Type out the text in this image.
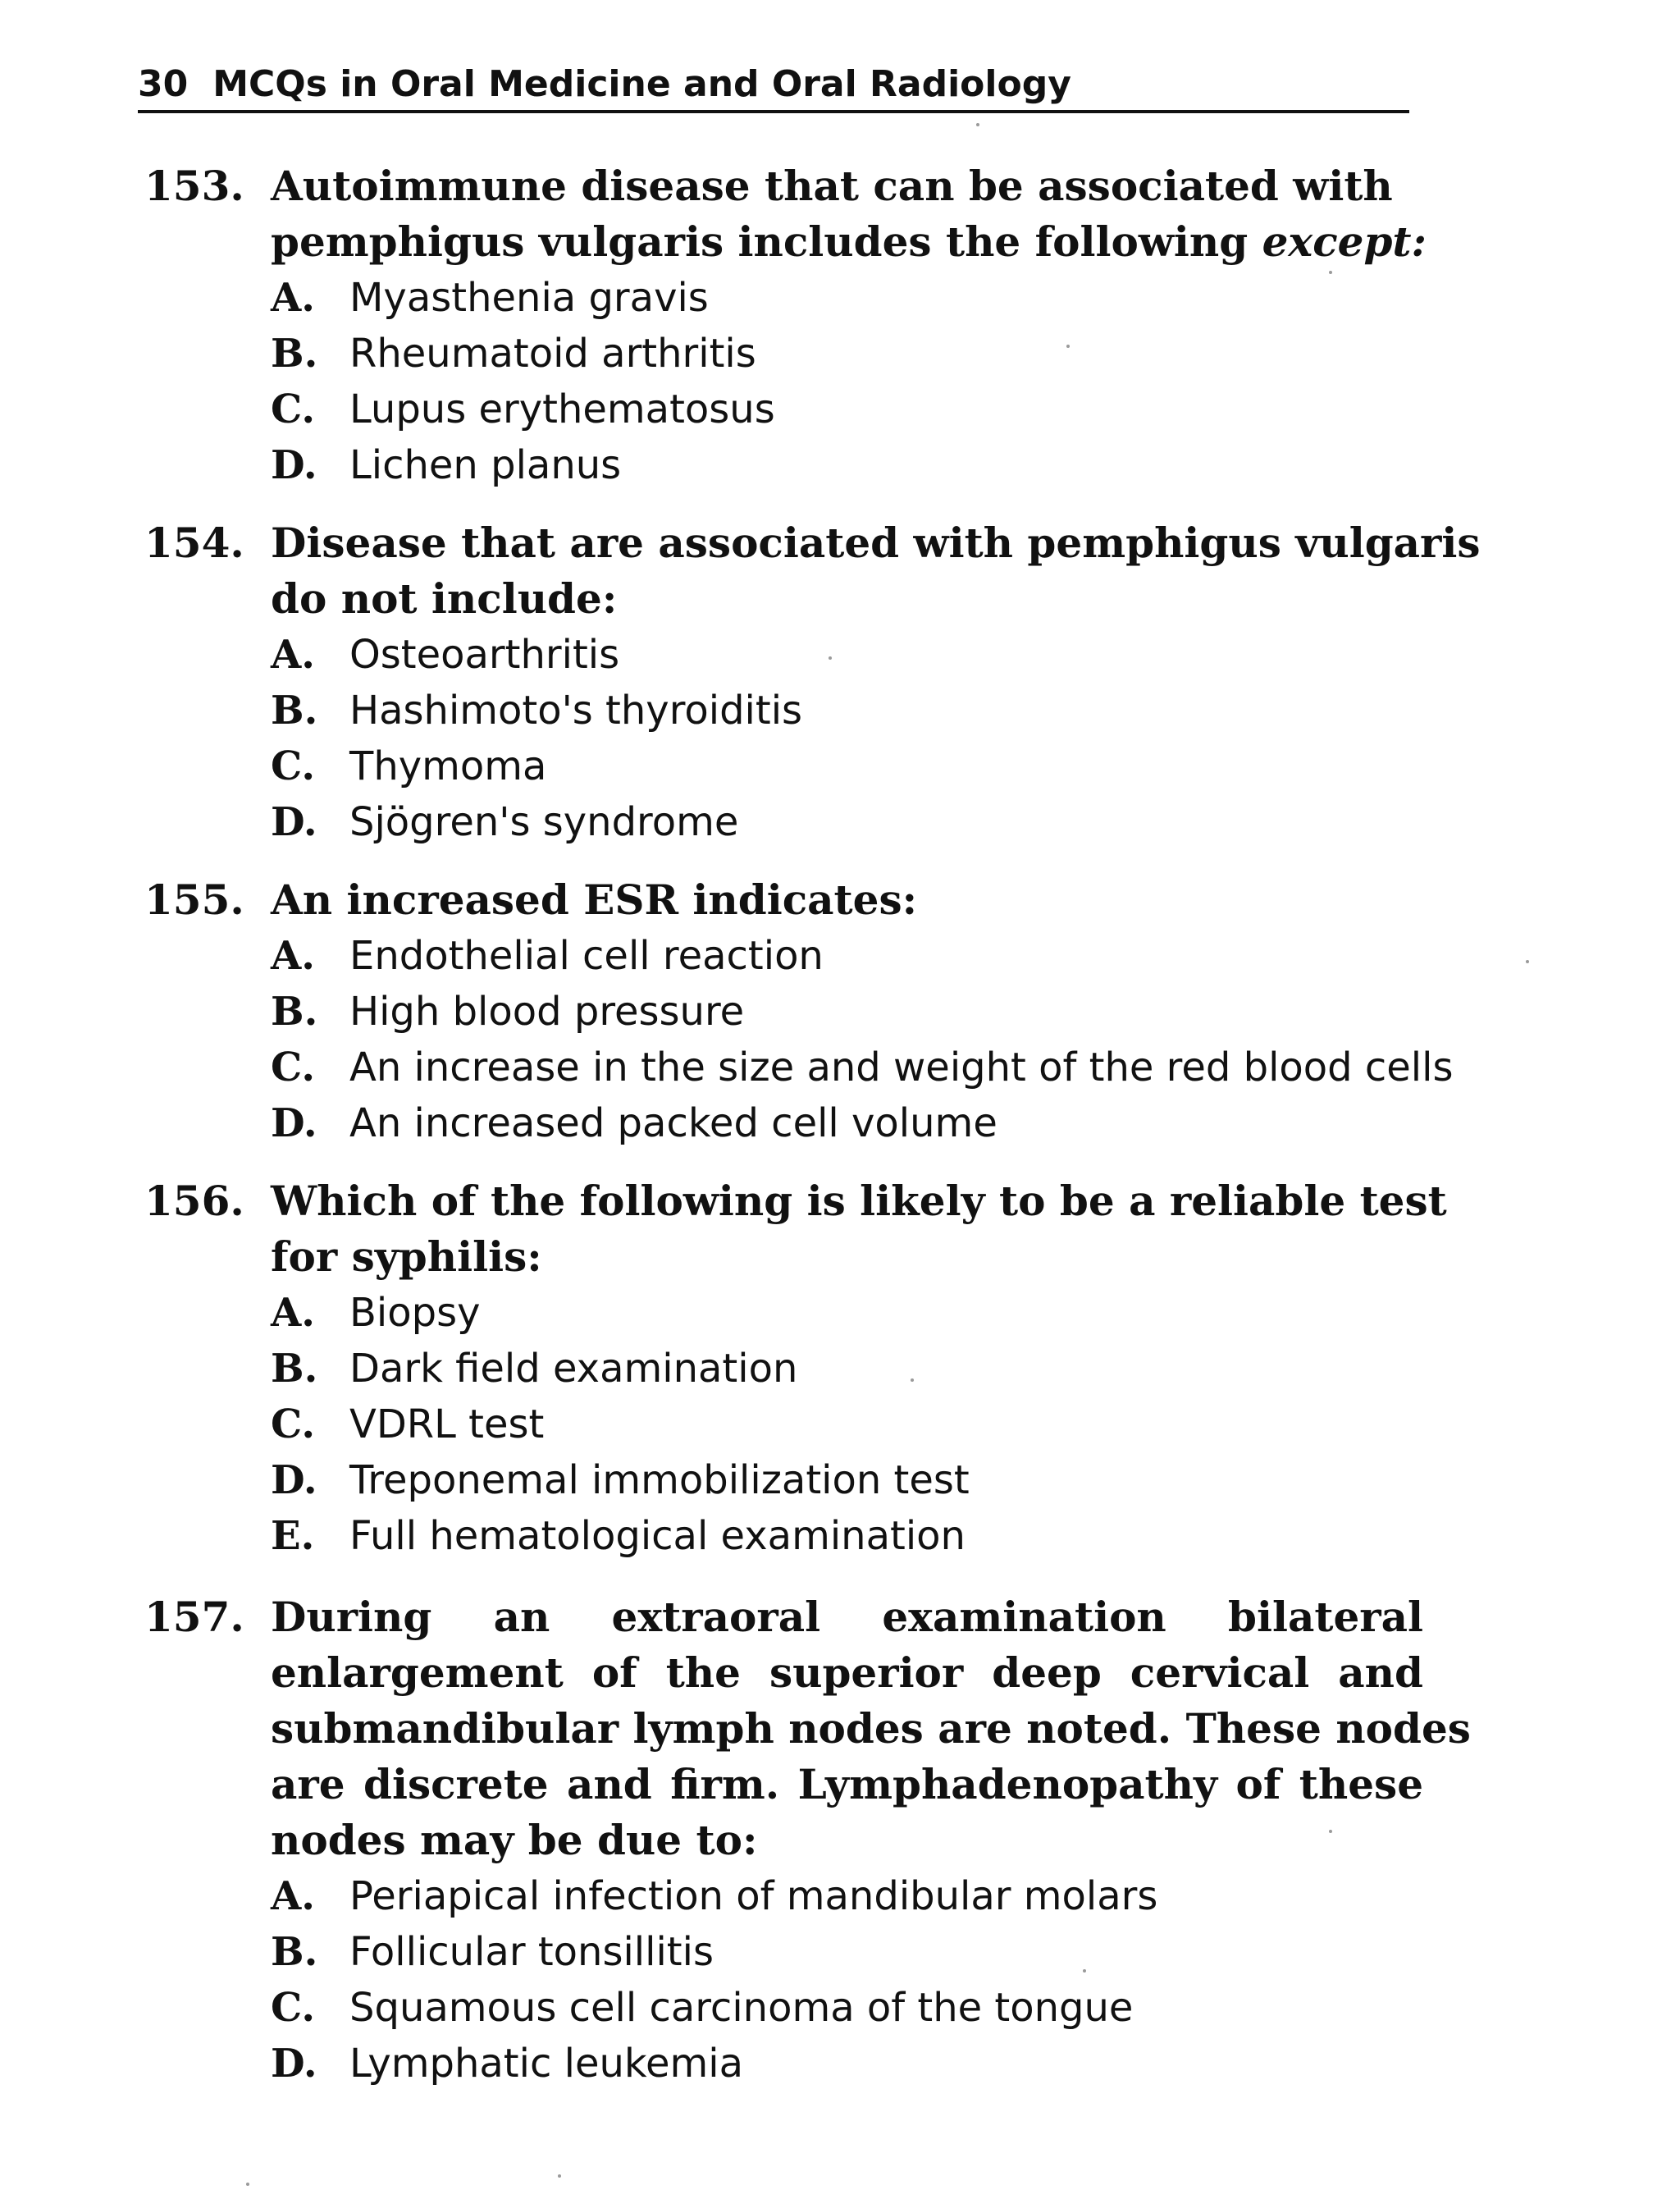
30 MCQs in Oral Medicine and Oral Radiology
153. Autoimmune disease that can be associated with
pemphigus vulgaris includes the following except:
A. Myasthenia gravis
B. Rheumatoid arthritis
C. Lupus erythematosus
D. Lichen planus
154. Disease that are associated with pemphigus vulgaris
do not include:
A. Osteoarthritis
B. Hashimoto's thyroiditis
C. Thymoma
D. Sjögren's syndrome
155. An increased ESR indicates:
A. Endothelial cell reaction
B. High blood pressure
C. An increase in the size and weight of the red blood cells
D. An increased packed cell volume
156. Which of the following is likely to be a reliable test
for syphilis:
A. Biopsy
B. Dark field examination
C. VDRL test
D. Treponemal immobilization test
E. Full hematological examination
157. During an extraoral examination bilateral
enlargement of the superior deep cervical and
submandibular lymph nodes are noted. These nodes
are discrete and firm. Lymphadenopathy of these
nodes may be due to:
A. Periapical infection of mandibular molars
B. Follicular tonsillitis
C. Squamous cell carcinoma of the tongue
D. Lymphatic leukemia
